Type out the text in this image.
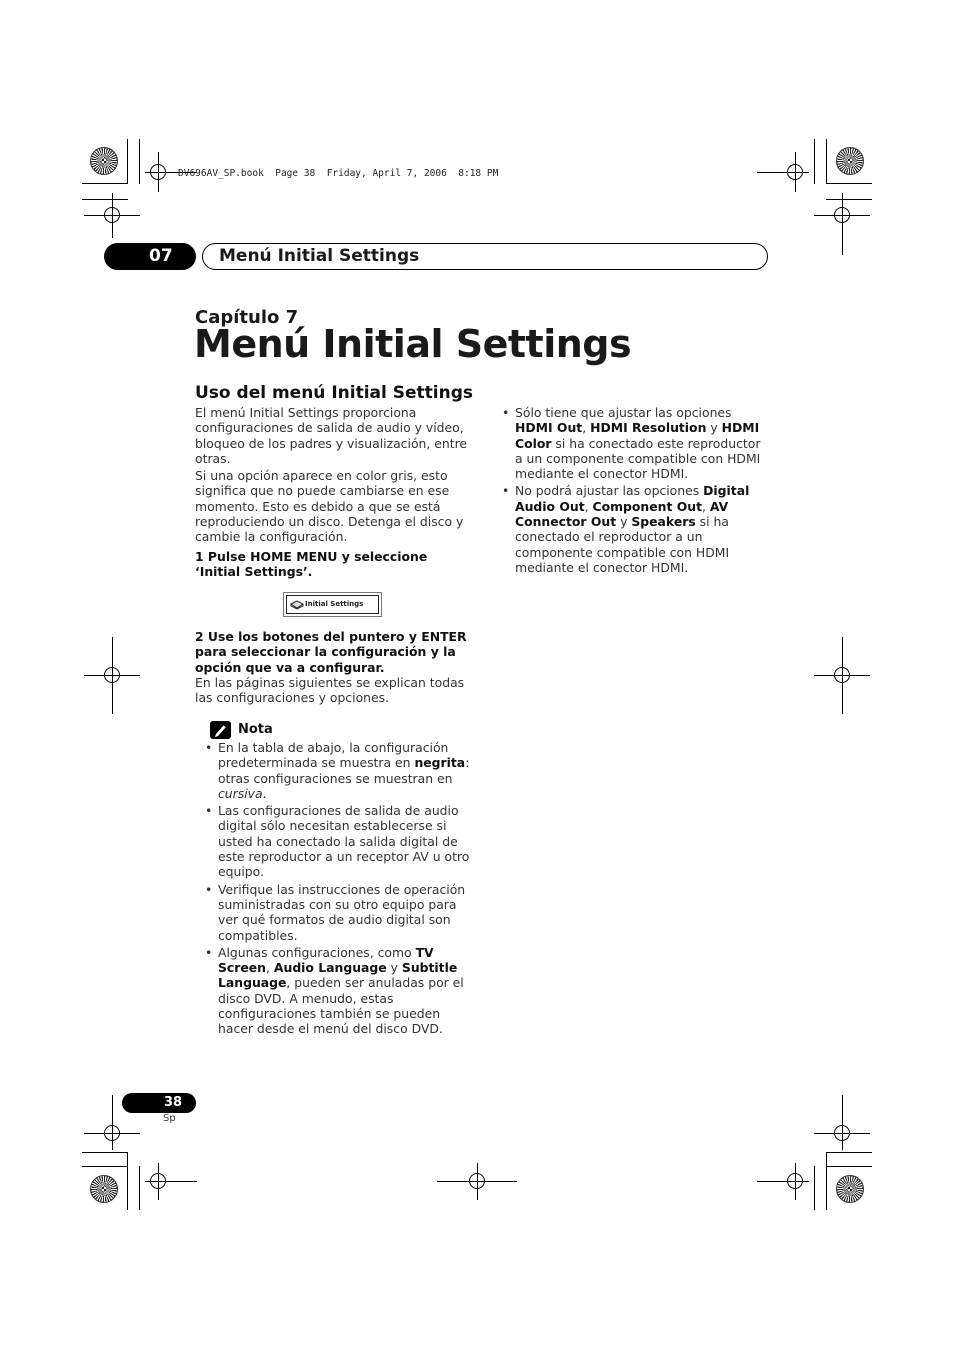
DV696AV_SP.book  Page 38  Friday, April 7, 2006  8:18 PM
07	Menú Initial Settings
Capítulo 7
Menú Initial Settings

Uso del menú Initial Settings

El menú Initial Settings proporciona configuraciones de salida de audio y vídeo, bloqueo de los padres y visualización, entre otras.

Si una opción aparece en color gris, esto significa que no puede cambiarse en ese momento. Esto es debido a que se está reproduciendo un disco. Detenga el disco y cambie la configuración.

1 Pulse HOME MENU y seleccione ‘Initial Settings’.

Initial Settings

2 Use los botones del puntero y ENTER para seleccionar la configuración y la opción que va a configurar.

En las páginas siguientes se explican todas las configuraciones y opciones.

Nota
• En la tabla de abajo, la configuración predeterminada se muestra en negrita: otras configuraciones se muestran en cursiva.
• Las configuraciones de salida de audio digital sólo necesitan establecerse si usted ha conectado la salida digital de este reproductor a un receptor AV u otro equipo.
• Verifique las instrucciones de operación suministradas con su otro equipo para ver qué formatos de audio digital son compatibles.
• Algunas configuraciones, como TV Screen, Audio Language y Subtitle Language, pueden ser anuladas por el disco DVD. A menudo, estas configuraciones también se pueden hacer desde el menú del disco DVD.
• Sólo tiene que ajustar las opciones HDMI Out, HDMI Resolution y HDMI Color si ha conectado este reproductor a un componente compatible con HDMI mediante el conector HDMI.
• No podrá ajustar las opciones Digital Audio Out, Component Out, AV Connector Out y Speakers si ha conectado el reproductor a un componente compatible con HDMI mediante el conector HDMI.
38
Sp
